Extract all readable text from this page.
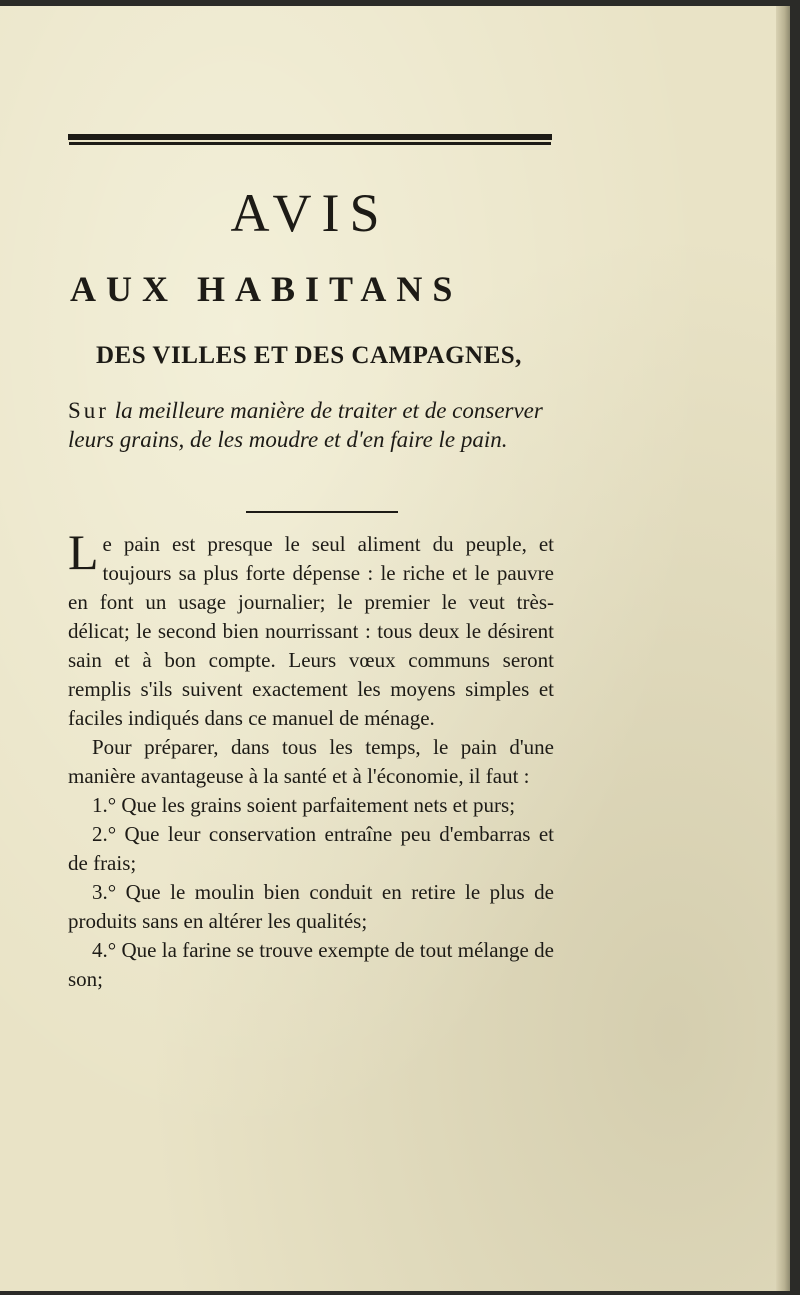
AVIS
AUX HABITANS
DES VILLES ET DES CAMPAGNES,
Sur la meilleure manière de traiter et de conserver leurs grains, de les moudre et d'en faire le pain.

Le pain est presque le seul aliment du peuple, et toujours sa plus forte dépense : le riche et le pauvre en font un usage journalier; le premier le veut très-délicat; le second bien nourrissant : tous deux le désirent sain et à bon compte. Leurs vœux communs seront remplis s'ils suivent exactement les moyens simples et faciles indiqués dans ce manuel de ménage.

Pour préparer, dans tous les temps, le pain d'une manière avantageuse à la santé et à l'économie, il faut :

1.° Que les grains soient parfaitement nets et purs;

2.° Que leur conservation entraîne peu d'embarras et de frais;

3.° Que le moulin bien conduit en retire le plus de produits sans en altérer les qualités;

4.° Que la farine se trouve exempte de tout mélange de son;
